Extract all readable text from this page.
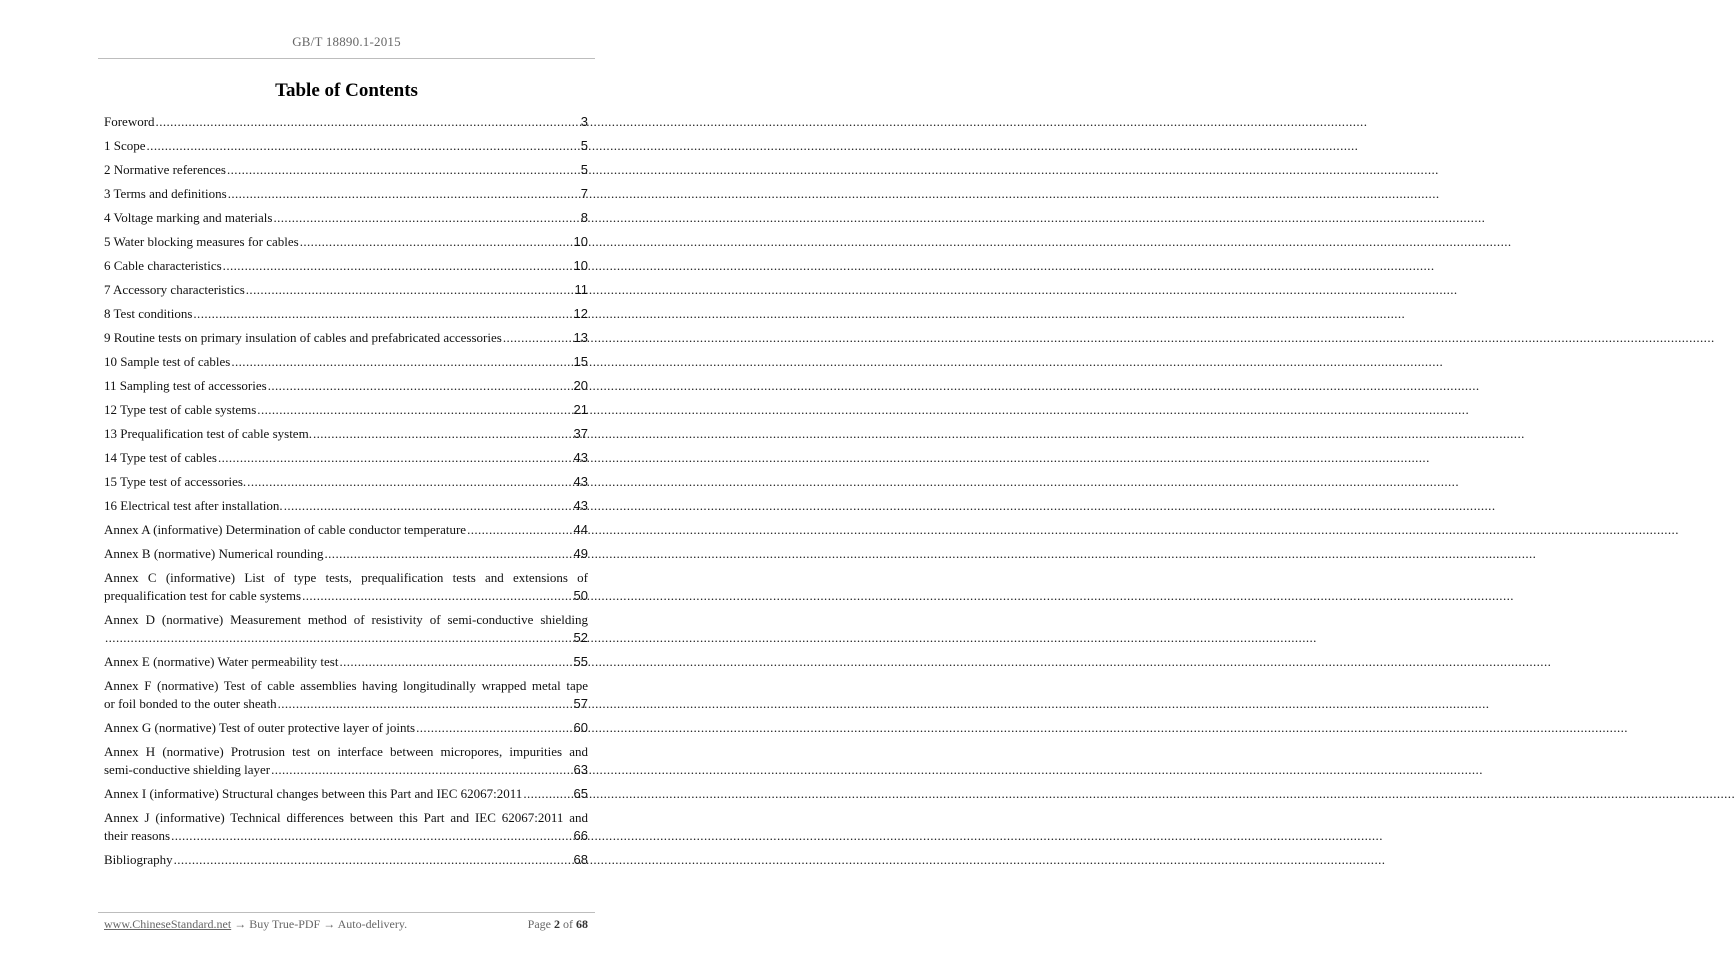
GB/T 18890.1-2015
Table of Contents
Foreword .....	3
1 Scope .....	5
2 Normative references .....	5
3 Terms and definitions .....	7
4 Voltage marking and materials .....	8
5 Water blocking measures for cables .....	10
6 Cable characteristics .....	10
7 Accessory characteristics .....	11
8 Test conditions .....	12
9 Routine tests on primary insulation of cables and prefabricated accessories .....	13
10 Sample test of cables .....	15
11 Sampling test of accessories .....	20
12 Type test of cable systems .....	21
13 Prequalification test of cable system. .....	37
14 Type test of cables .....	43
15 Type test of accessories. .....	43
16 Electrical test after installation. .....	43
Annex A (informative) Determination of cable conductor temperature .....	44
Annex B (normative) Numerical rounding .....	49
Annex C (informative) List of type tests, prequalification tests and extensions of
prequalification test for cable systems .....	50
Annex D (normative) Measurement method of resistivity of semi-conductive shielding
.....
52
Annex E (normative) Water permeability test .....	55
Annex F (normative) Test of cable assemblies having longitudinally wrapped metal tape
or foil bonded to the outer sheath .....	57
Annex G (normative) Test of outer protective layer of joints .....	60
Annex H (normative) Protrusion test on interface between micropores, impurities and
semi-conductive shielding layer .....	63
Annex I (informative) Structural changes between this Part and IEC 62067:2011 .....	65
Annex J (informative) Technical differences between this Part and IEC 62067:2011 and
their reasons .....	66
Bibliography .....	68
www.ChineseStandard.net → Buy True-PDF → Auto-delivery.	Page 2 of 68
